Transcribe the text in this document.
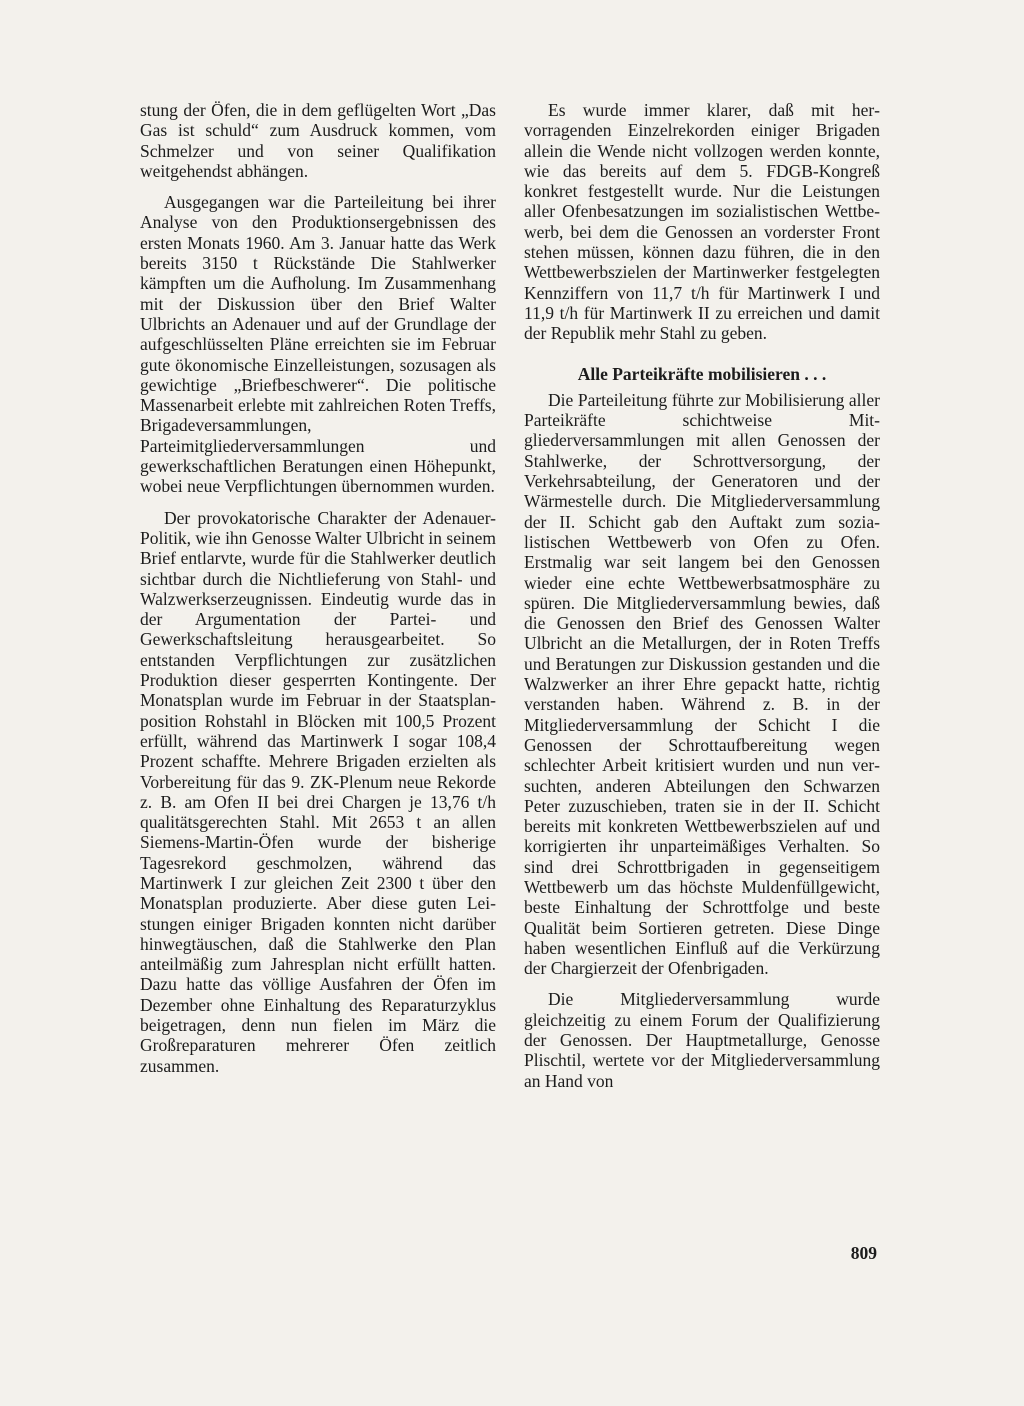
stung der Öfen, die in dem geflügelten Wort „Das Gas ist schuld“ zum Ausdruck kommen, vom Schmelzer und von seiner Qualifikation weitgehendst abhängen.

Ausgegangen war die Parteileitung bei ihrer Analyse von den Produktionsergebnissen des ersten Monats 1960. Am 3. Januar hatte das Werk bereits 3150 t Rückstände Die Stahlwerker kämpften um die Aufholung. Im Zusammenhang mit der Diskussion über den Brief Walter Ulbrichts an Adenauer und auf der Grundlage der aufgeschlüsselten Pläne erreichten sie im Februar gute ökonomische Einzelleistungen, sozusagen als gewichtige „Briefbeschwerer“. Die politische Massenarbeit erlebte mit zahlreichen Roten Treffs, Brigadeversammlungen, Parteimitgliederversammlungen und gewerkschaftlichen Beratungen einen Höhepunkt, wobei neue Verpflichtungen übernommen wurden.

Der provokatorische Charakter der Adenauer-Politik, wie ihn Genosse Walter Ulbricht in seinem Brief entlarvte, wurde für die Stahlwerker deutlich sichtbar durch die Nichtlieferung von Stahl- und Walzwerkserzeugnissen. Eindeutig wurde das in der Argumentation der Partei- und Gewerkschaftsleitung herausgearbeitet. So entstanden Verpflichtungen zur zusätzlichen Produktion dieser gesperrten Kontingente. Der Monatsplan wurde im Februar in der Staatsplanposition Rohstahl in Blöcken mit 100,5 Prozent erfüllt, während das Martinwerk I sogar 108,4 Prozent schaffte. Mehrere Brigaden erzielten als Vorbereitung für das 9. ZK-Plenum neue Rekorde z. B. am Ofen II bei drei Chargen je 13,76 t/h qualitätsgerechten Stahl. Mit 2653 t an allen Siemens-Martin-Öfen wurde der bisherige Tagesrekord geschmolzen, während das Martinwerk I zur gleichen Zeit 2300 t über den Monatsplan produzierte. Aber diese guten Leistungen einiger Brigaden konnten nicht darüber hinwegtäuschen, daß die Stahlwerke den Plan anteilmäßig zum Jahresplan nicht erfüllt hatten. Dazu hatte das völlige Ausfahren der Öfen im Dezember ohne Einhaltung des Reparaturzyklus beigetragen, denn nun fielen im März die Großreparaturen mehrerer Öfen zeitlich zusammen.

Es wurde immer klarer, daß mit hervorragenden Einzelrekorden einiger Brigaden allein die Wende nicht vollzogen werden konnte, wie das bereits auf dem 5. FDGB-Kongreß konkret festgestellt wurde. Nur die Leistungen aller Ofenbesatzungen im sozialistischen Wettbewerb, bei dem die Genossen an vorderster Front stehen müssen, können dazu führen, die in den Wettbewerbszielen der Martinwerker festgelegten Kennziffern von 11,7 t/h für Martinwerk I und 11,9 t/h für Martinwerk II zu erreichen und damit der Republik mehr Stahl zu geben.

Alle Parteikräfte mobilisieren . . .

Die Parteileitung führte zur Mobilisierung aller Parteikräfte schichtweise Mitgliederversammlungen mit allen Genossen der Stahlwerke, der Schrottversorgung, der Verkehrsabteilung, der Generatoren und der Wärmestelle durch. Die Mitgliederversammlung der II. Schicht gab den Auftakt zum sozialistischen Wettbewerb von Ofen zu Ofen. Erstmalig war seit langem bei den Genossen wieder eine echte Wettbewerbsatmosphäre zu spüren. Die Mitgliederversammlung bewies, daß die Genossen den Brief des Genossen Walter Ulbricht an die Metallurgen, der in Roten Treffs und Beratungen zur Diskussion gestanden und die Walzwerker an ihrer Ehre gepackt hatte, richtig verstanden haben. Während z. B. in der Mitgliederversammlung der Schicht I die Genossen der Schrottaufbereitung wegen schlechter Arbeit kritisiert wurden und nun versuchten, anderen Abteilungen den Schwarzen Peter zuzuschieben, traten sie in der II. Schicht bereits mit konkreten Wettbewerbszielen auf und korrigierten ihr unparteimäßiges Verhalten. So sind drei Schrottbrigaden in gegenseitigem Wettbewerb um das höchste Muldenfüllgewicht, beste Einhaltung der Schrottfolge und beste Qualität beim Sortieren getreten. Diese Dinge haben wesentlichen Einfluß auf die Verkürzung der Chargierzeit der Ofenbrigaden.

Die Mitgliederversammlung wurde gleichzeitig zu einem Forum der Qualifizierung der Genossen. Der Hauptmetallurge, Genosse Plischtil, wertete vor der Mitgliederversammlung an Hand von

809
